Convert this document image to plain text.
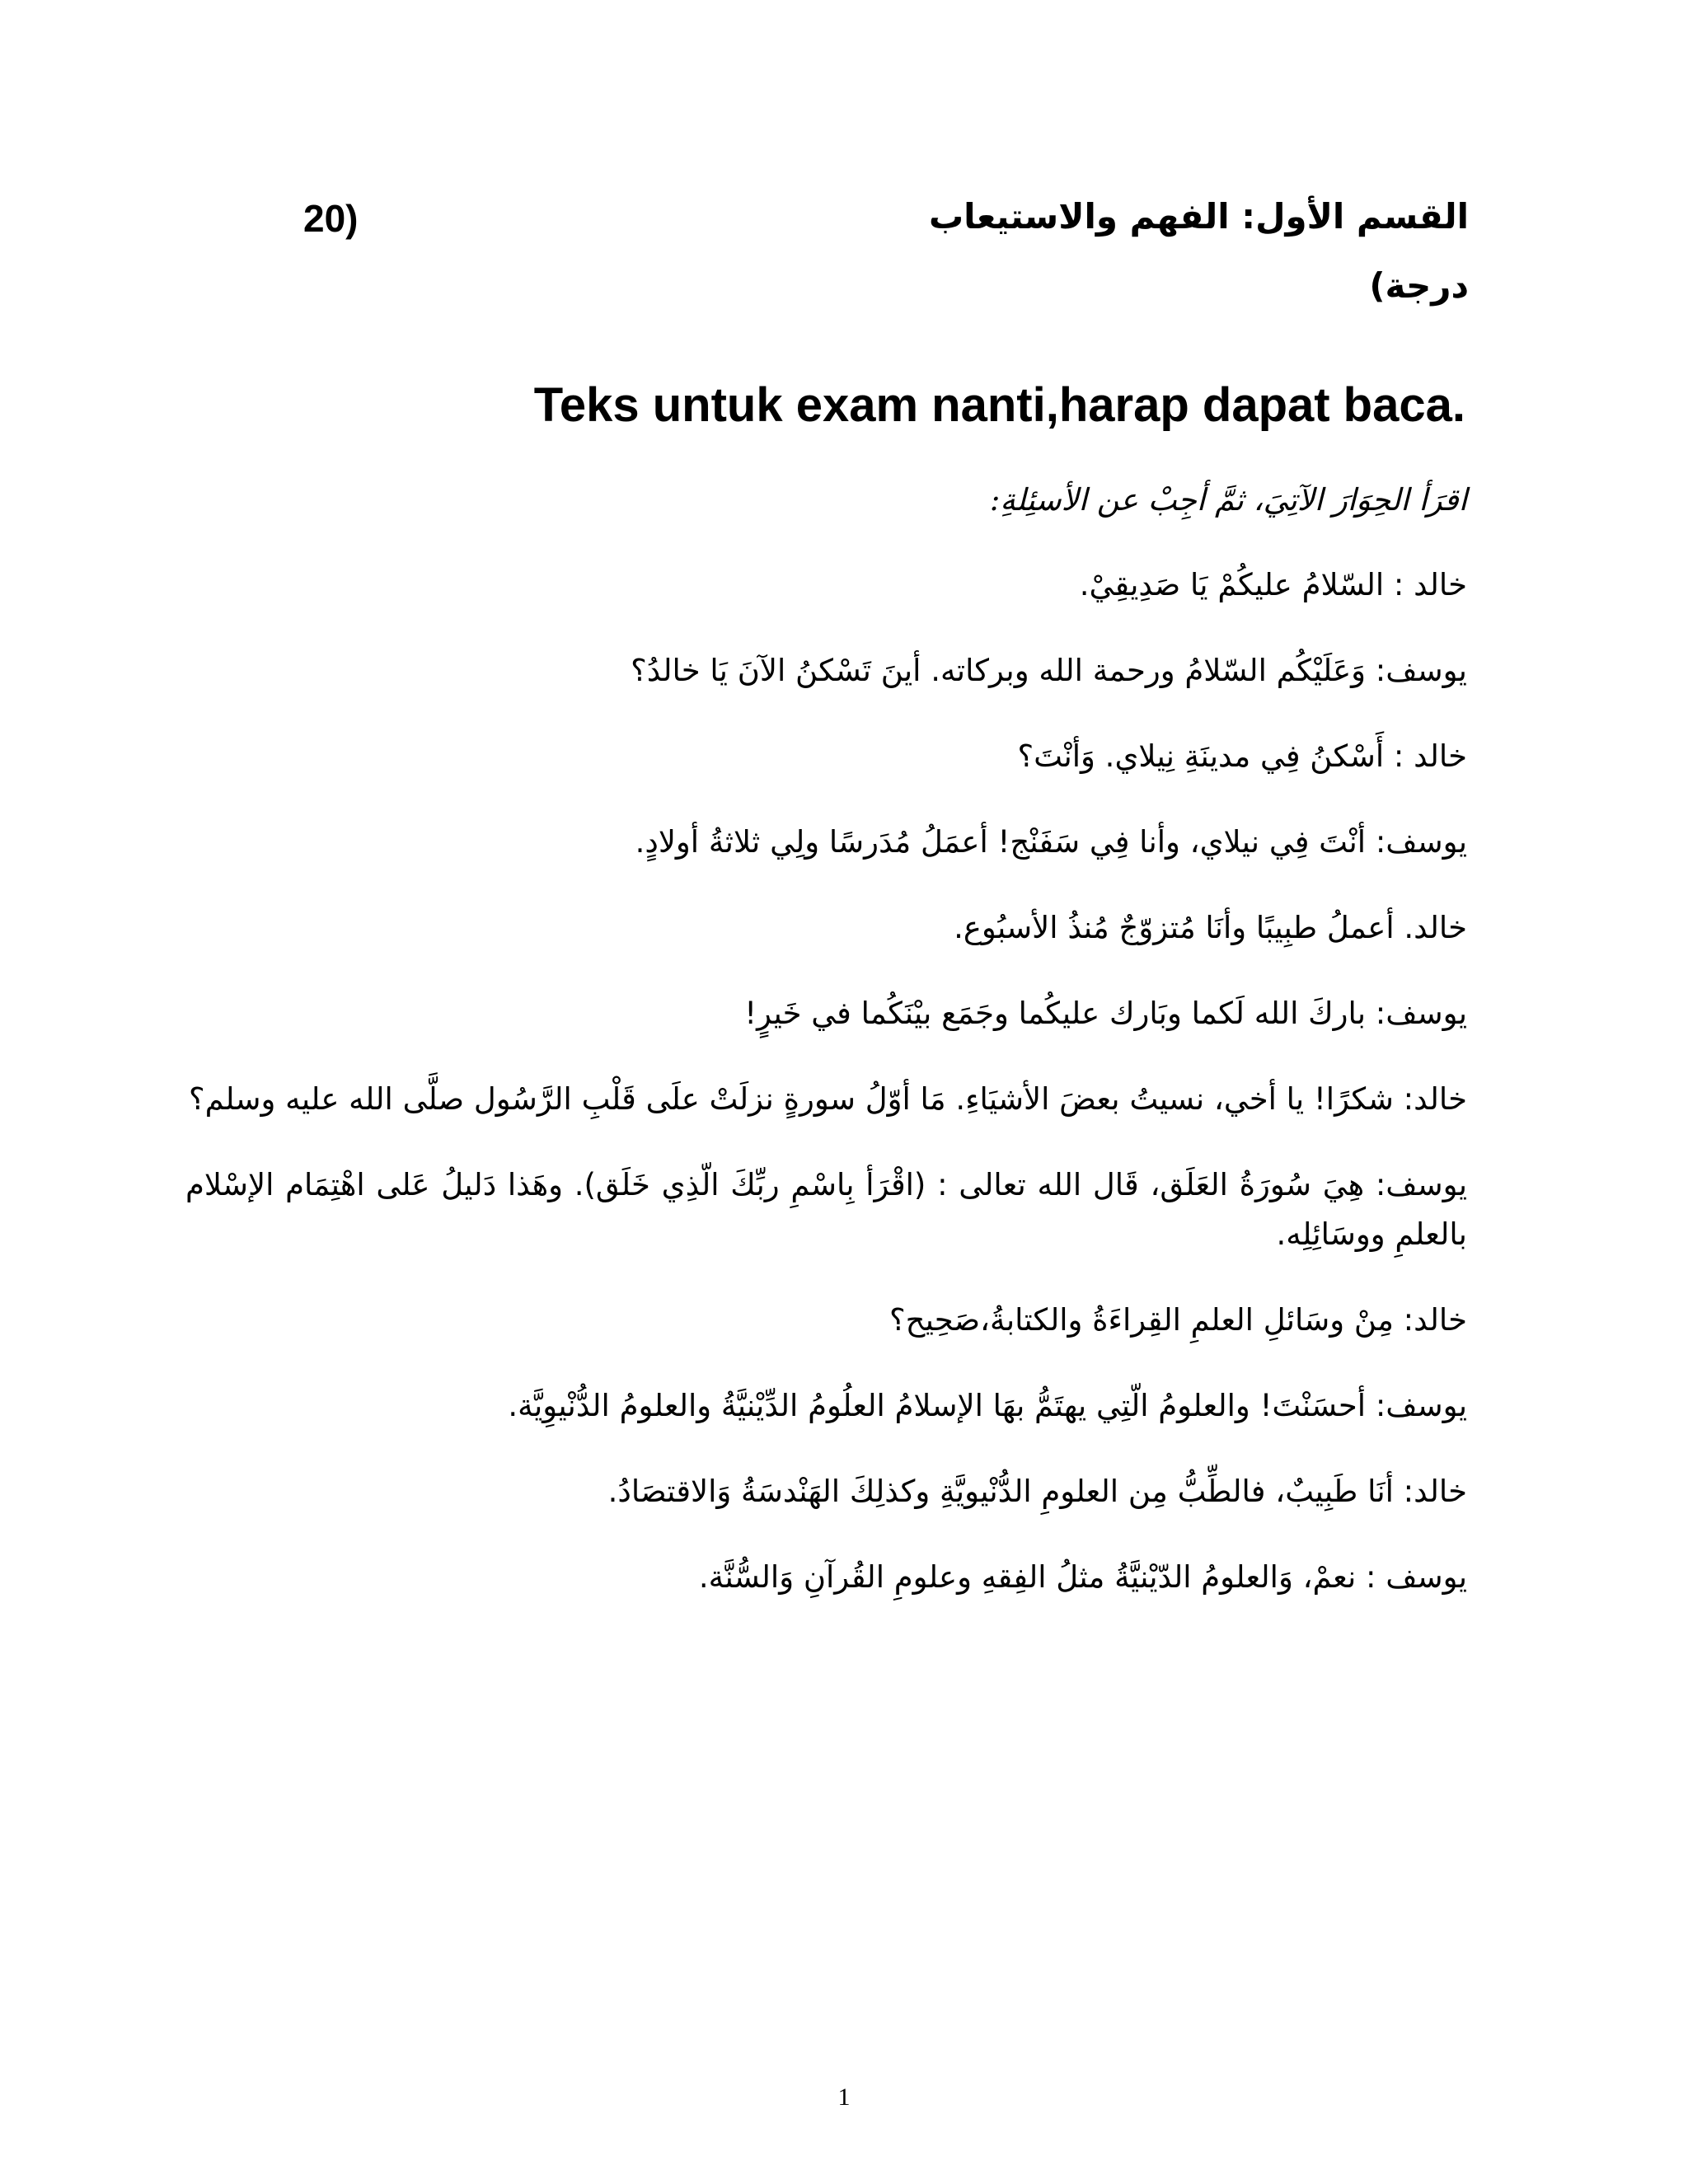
القسم الأول: الفهم والاستيعاب
20)
درجة)
Teks untuk exam nanti,harap dapat baca.
اقرَأ الحِوَارَ الآتِيَ، ثمَّ أجِبْ عن الأسئِلةِ:
خالد : السّلامُ عليكُمْ يَا صَدِيقِيْ.
يوسف: وَعَلَيْكُم السّلامُ ورحمة الله وبركاته. أينَ تَسْكنُ الآنَ يَا خالدُ؟
خالد : أَسْكنُ فِي مدينَةِ نِيلاي. وَأنْتَ؟
يوسف: أنْتَ فِي نيلاي، وأنا فِي سَفَنْج! أعمَلُ مُدَرسًا ولِي ثلاثةُ أولادٍ.
خالد. أعملُ طبِيبًا وأنَا مُتزوّجٌ مُنذُ الأسبُوع.
يوسف: باركَ الله لَكما وبَارك عليكُما وجَمَع بيْنَكُما في خَيرٍ!
خالد: شكرًا! يا أخي، نسيتُ بعضَ الأشيَاءِ. مَا أوّلُ سورةٍ نزلَتْ علَى قَلْبِ الرَّسُول صلَّى الله عليه وسلم؟
يوسف: هِيَ سُورَةُ العَلَق، قَال الله تعالى : (اقْرَأ بِاسْمِ ربِّكَ الّذِي خَلَق). وهَذا دَليلُ عَلى اهْتِمَام الإسْلام بالعلمِ ووسَائِلِه.
خالد: مِنْ وسَائلِ العلمِ القِراءَةُ والكتابةُ،صَحِيح؟
يوسف: أحسَنْتَ! والعلومُ الّتِي يهتَمُّ بهَا الإسلامُ العلُومُ الدِّيْنيَّةُ والعلومُ الدُّنْيوِيَّة.
خالد: أنَا طَبِيبٌ، فالطِّبُّ مِن العلومِ الدُّنْيويَّةِ وكذلِكَ الهَنْدسَةُ وَالاقتصَادُ.
يوسف : نعمْ، وَالعلومُ الدّيْنيَّةُ مثلُ الفِقهِ وعلومِ القُرآنِ وَالسُّنَّة.
1
